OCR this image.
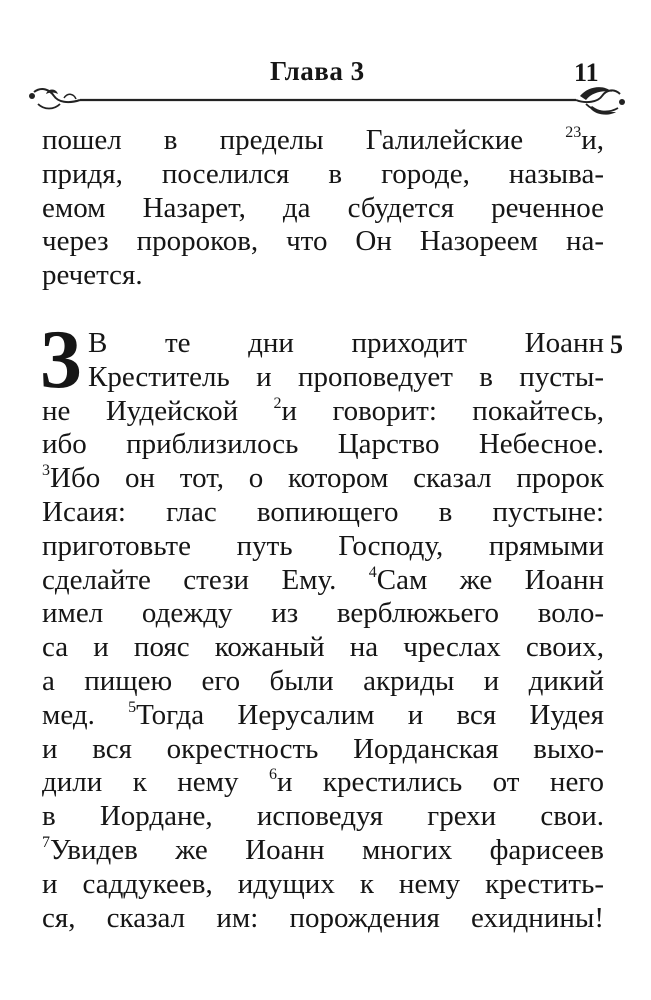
Глава 3	11
пошел в пределы Галилейские $^{23}$и,
придя, поселился в городе, называ-
емом Назарет, да сбудется реченное
через пророков, что Он Назореем на-
речется.
3	5
В те дни приходит Иоанн
Креститель и проповедует в пусты-
не Иудейской $^2$и говорит: покайтесь,
ибо приблизилось Царство Небесное.
$^3$Ибо он тот, о котором сказал пророк
Исаия: глас вопиющего в пустыне:
приготовьте путь Господу, прямыми
сделайте стези Ему. $^4$Сам же Иоанн
имел одежду из верблюжьего воло-
са и пояс кожаный на чреслах своих,
а пищею его были акриды и дикий
мед. $^5$Тогда Иерусалим и вся Иудея
и вся окрестность Иорданская выхо-
дили к нему $^6$и крестились от него
в Иордане, исповедуя грехи свои.
$^7$Увидев же Иоанн многих фарисеев
и саддукеев, идущих к нему крестить-
ся, сказал им: порождения ехиднины!
